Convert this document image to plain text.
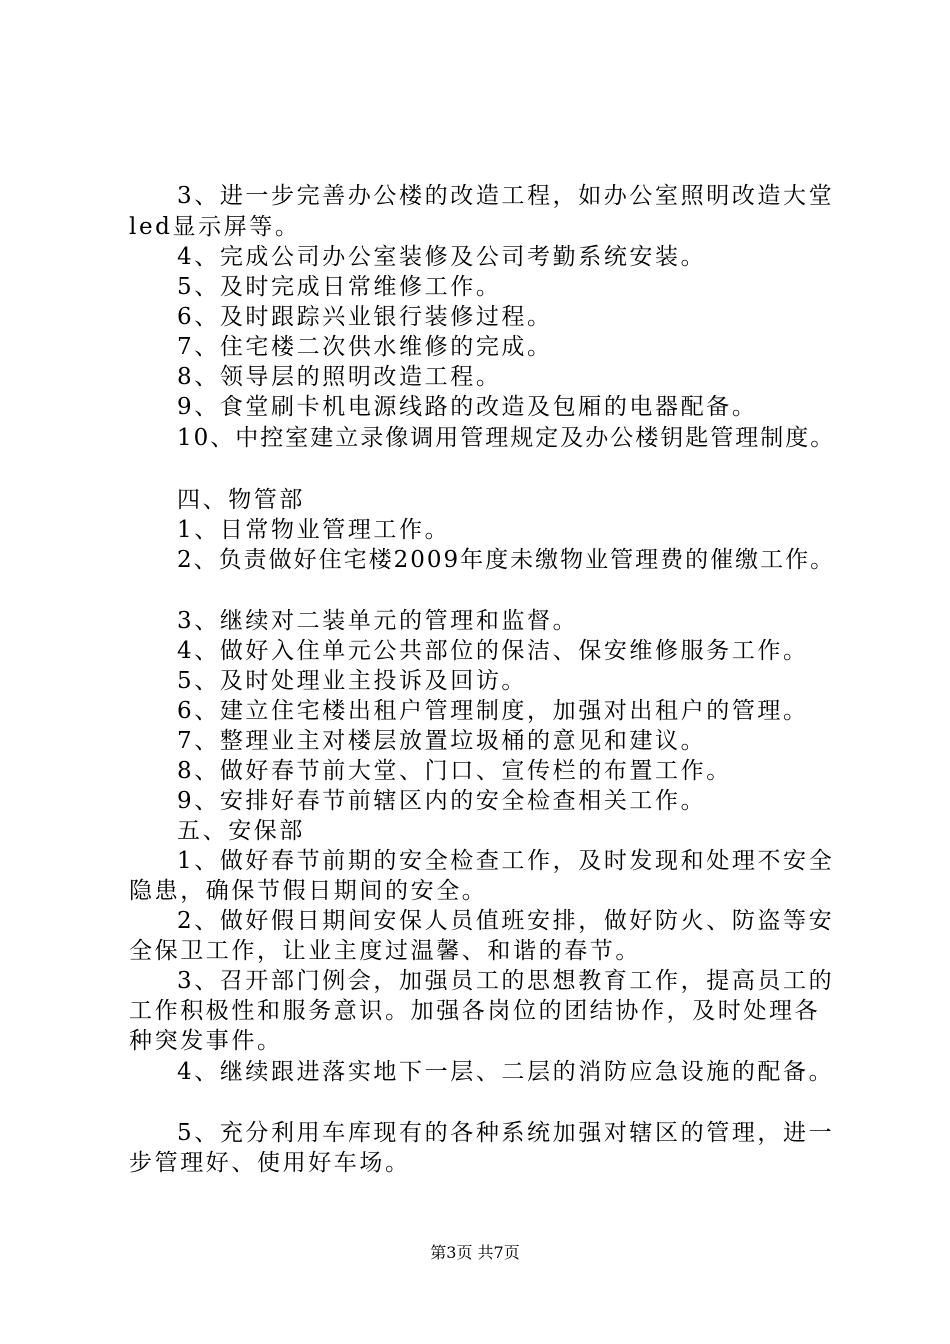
3、进一步完善办公楼的改造工程，如办公室照明改造大堂

led显示屏等。

4、完成公司办公室装修及公司考勤系统安装。

5、及时完成日常维修工作。

6、及时跟踪兴业银行装修过程。

7、住宅楼二次供水维修的完成。

8、领导层的照明改造工程。

9、食堂刷卡机电源线路的改造及包厢的电器配备。

10、中控室建立录像调用管理规定及办公楼钥匙管理制度。

四、物管部

1、日常物业管理工作。

2、负责做好住宅楼2009年度未缴物业管理费的催缴工作。

3、继续对二装单元的管理和监督。

4、做好入住单元公共部位的保洁、保安维修服务工作。

5、及时处理业主投诉及回访。

6、建立住宅楼出租户管理制度，加强对出租户的管理。

7、整理业主对楼层放置垃圾桶的意见和建议。

8、做好春节前大堂、门口、宣传栏的布置工作。

9、安排好春节前辖区内的安全检查相关工作。

五、安保部

1、做好春节前期的安全检查工作，及时发现和处理不安全

隐患，确保节假日期间的安全。

2、做好假日期间安保人员值班安排，做好防火、防盗等安

全保卫工作，让业主度过温馨、和谐的春节。

3、召开部门例会，加强员工的思想教育工作，提高员工的

工作积极性和服务意识。加强各岗位的团结协作，及时处理各

种突发事件。

4、继续跟进落实地下一层、二层的消防应急设施的配备。

5、充分利用车库现有的各种系统加强对辖区的管理，进一

步管理好、使用好车场。

第3页 共7页
